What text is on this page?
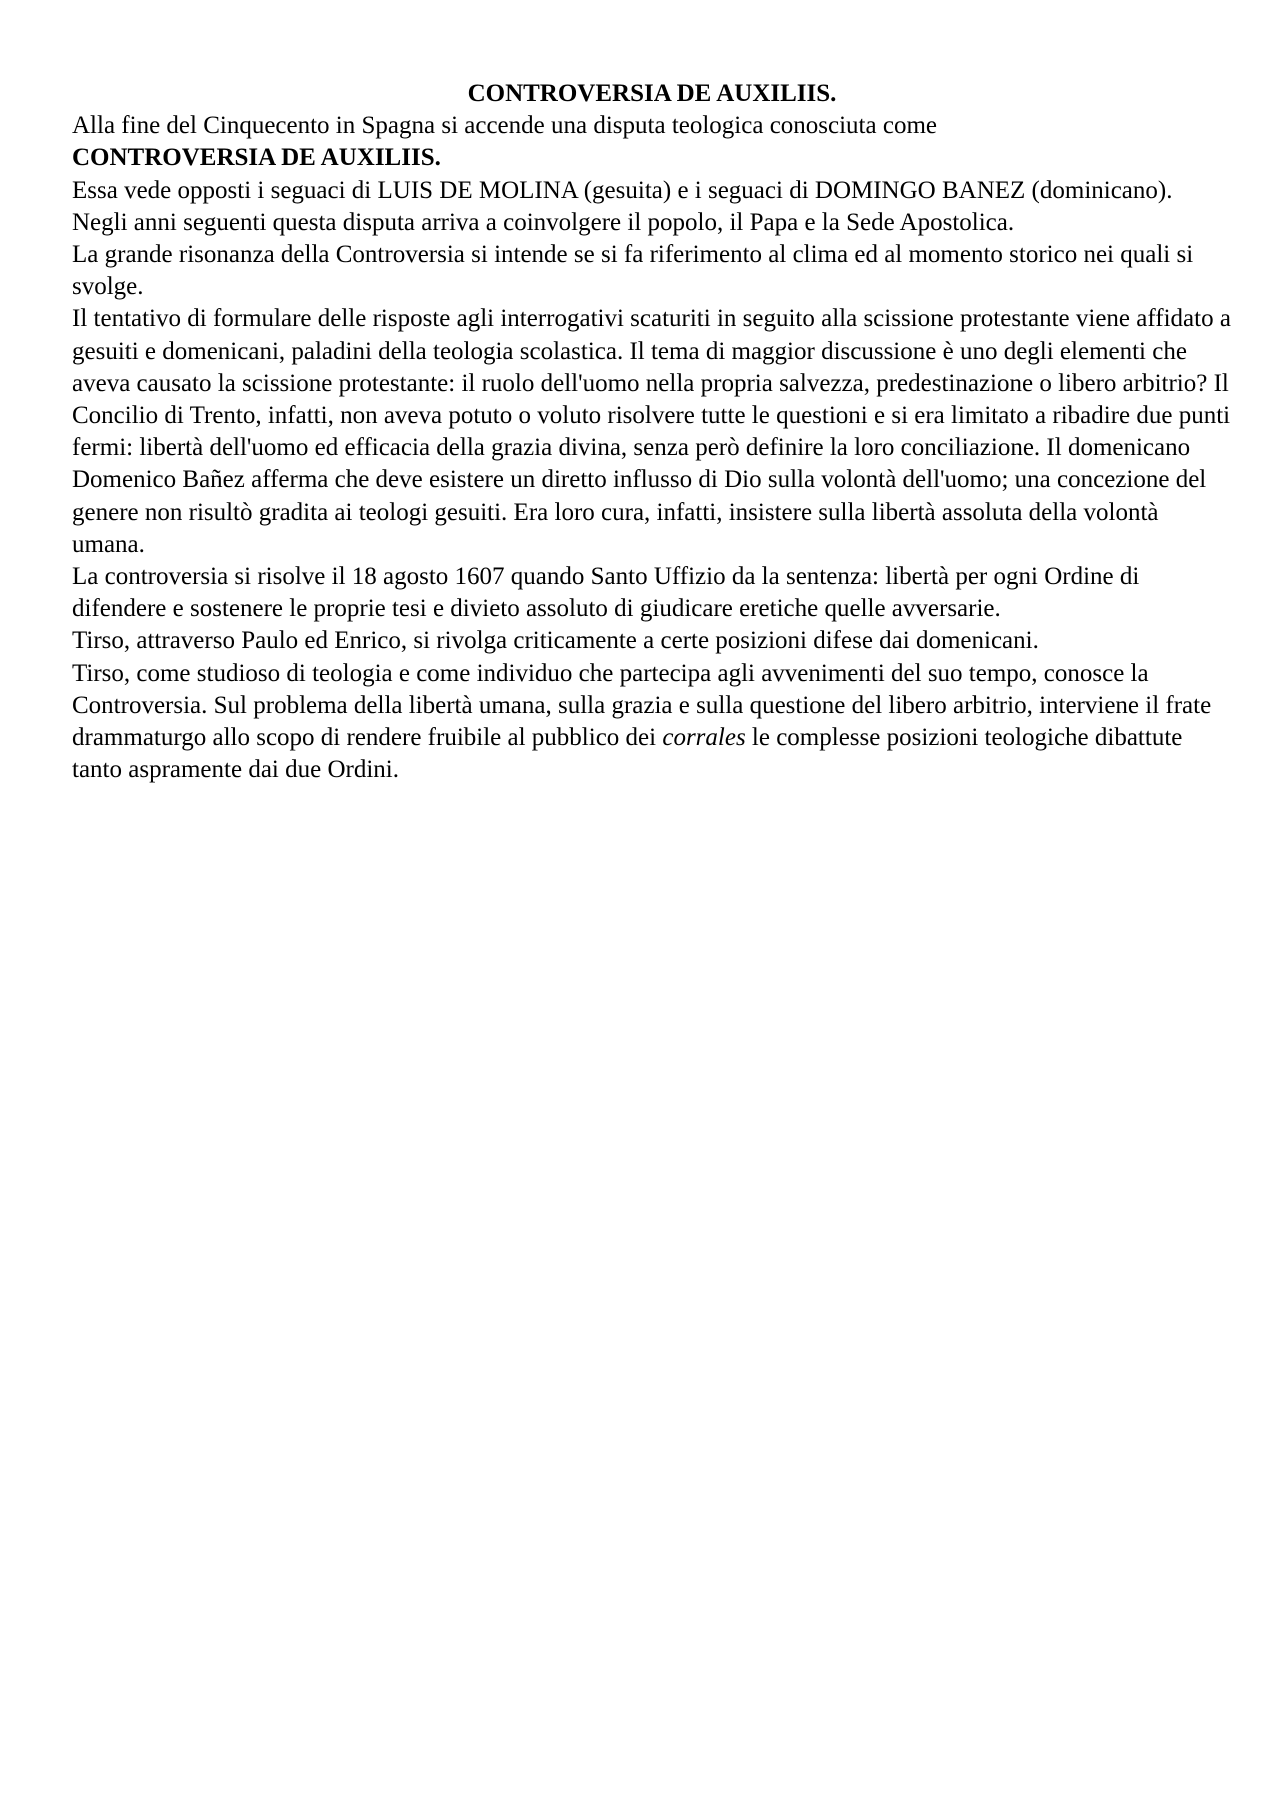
CONTROVERSIA DE AUXILIIS.

Alla fine del Cinquecento in Spagna si accende una disputa teologica conosciuta come
CONTROVERSIA DE AUXILIIS.

Essa vede opposti i seguaci di LUIS DE MOLINA (gesuita) e i seguaci di DOMINGO BANEZ (dominicano).

Negli anni seguenti questa disputa arriva a coinvolgere il popolo, il Papa e la Sede Apostolica.

La grande risonanza della Controversia si intende se si fa riferimento al clima ed al momento storico nei quali si svolge.

Il tentativo di formulare delle risposte agli interrogativi scaturiti in seguito alla scissione protestante viene affidato a gesuiti e domenicani, paladini della teologia scolastica. Il tema di maggior discussione è uno degli elementi che aveva causato la scissione protestante: il ruolo dell'uomo nella propria salvezza, predestinazione o libero arbitrio? Il Concilio di Trento, infatti, non aveva potuto o voluto risolvere tutte le questioni e si era limitato a ribadire due punti fermi: libertà dell'uomo ed efficacia della grazia divina, senza però definire la loro conciliazione. Il domenicano Domenico Bañez afferma che deve esistere un diretto influsso di Dio sulla volontà dell'uomo; una concezione del genere non risultò gradita ai teologi gesuiti. Era loro cura, infatti, insistere sulla libertà assoluta della volontà umana.

La controversia si risolve il 18 agosto 1607 quando Santo Uffizio da la sentenza: libertà per ogni Ordine di difendere e sostenere le proprie tesi e divieto assoluto di giudicare eretiche quelle avversarie.

Tirso, attraverso Paulo ed Enrico, si rivolga criticamente a certe posizioni difese dai domenicani.

Tirso, come studioso di teologia e come individuo che partecipa agli avvenimenti del suo tempo, conosce la Controversia. Sul problema della libertà umana, sulla grazia e sulla questione del libero arbitrio, interviene il frate drammaturgo allo scopo di rendere fruibile al pubblico dei corrales le complesse posizioni teologiche dibattute tanto aspramente dai due Ordini.
